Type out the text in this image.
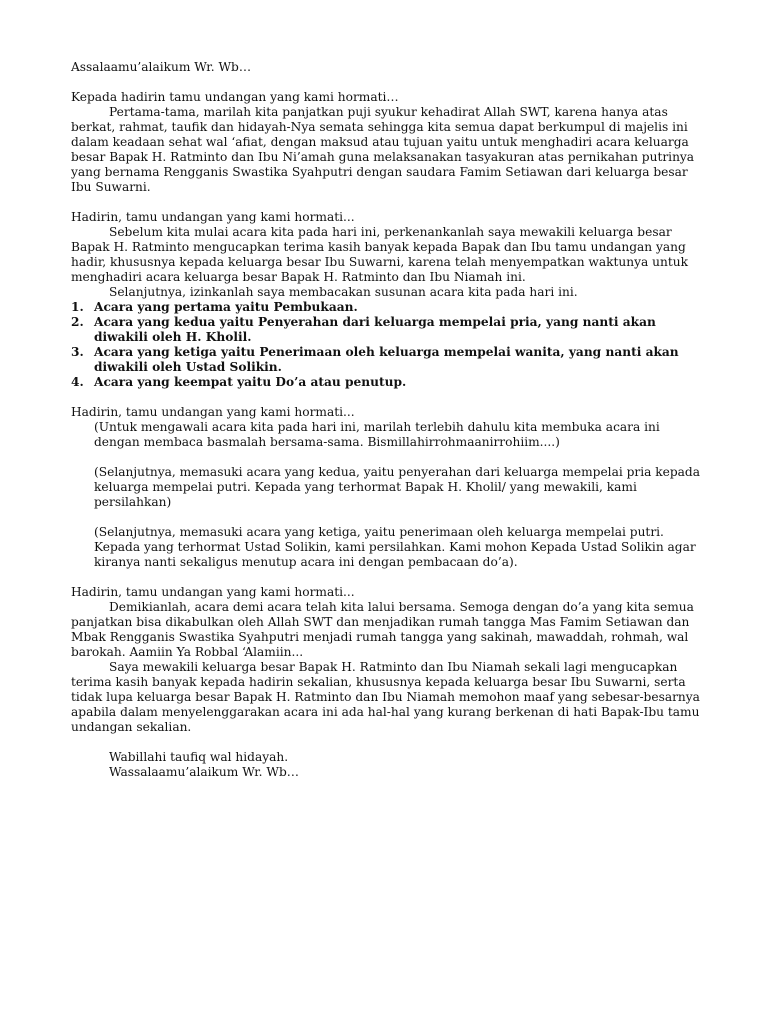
Assalaamu’alaikum Wr. Wb…

Kepada hadirin tamu undangan yang kami hormati…

Pertama-tama, marilah kita panjatkan puji syukur kehadirat Allah SWT, karena hanya atas berkat, rahmat, taufik dan hidayah-Nya semata sehingga kita semua dapat berkumpul di majelis ini dalam keadaan sehat wal ‘afiat, dengan maksud atau tujuan yaitu untuk menghadiri acara keluarga besar Bapak H. Ratminto dan Ibu Ni’amah guna melaksanakan tasyakuran atas pernikahan putrinya yang bernama Rengganis Swastika Syahputri dengan saudara Famim Setiawan dari keluarga besar Ibu Suwarni.

Hadirin, tamu undangan yang kami hormati...

Sebelum kita mulai acara kita pada hari ini, perkenankanlah saya mewakili keluarga besar Bapak H. Ratminto mengucapkan terima kasih banyak kepada Bapak dan Ibu tamu undangan yang hadir, khususnya kepada keluarga besar Ibu Suwarni, karena telah menyempatkan waktunya untuk menghadiri acara keluarga besar Bapak H. Ratminto dan Ibu Niamah ini.

Selanjutnya, izinkanlah saya membacakan susunan acara kita pada hari ini.

1. Acara yang pertama yaitu Pembukaan.
2. Acara yang kedua yaitu Penyerahan dari keluarga mempelai pria, yang nanti akan diwakili oleh H. Kholil.
3. Acara yang ketiga yaitu Penerimaan oleh keluarga mempelai wanita, yang nanti akan diwakili oleh Ustad Solikin.
4. Acara yang keempat yaitu Do’a atau penutup.

Hadirin, tamu undangan yang kami hormati...

(Untuk mengawali acara kita pada hari ini, marilah terlebih dahulu kita membuka acara ini dengan membaca basmalah bersama-sama. Bismillahirrohmaanirrohiim....)

(Selanjutnya, memasuki acara yang kedua, yaitu penyerahan dari keluarga mempelai pria kepada keluarga mempelai putri. Kepada yang terhormat Bapak H. Kholil/ yang mewakili, kami persilahkan)

(Selanjutnya, memasuki acara yang ketiga, yaitu penerimaan oleh keluarga mempelai putri. Kepada yang terhormat Ustad Solikin, kami persilahkan. Kami mohon Kepada Ustad Solikin agar kiranya nanti sekaligus menutup acara ini dengan pembacaan do’a).

Hadirin, tamu undangan yang kami hormati...

Demikianlah, acara demi acara telah kita lalui bersama. Semoga dengan do’a yang kita semua panjatkan bisa dikabulkan oleh Allah SWT dan menjadikan rumah tangga Mas Famim Setiawan dan Mbak Rengganis Swastika Syahputri menjadi rumah tangga yang sakinah, mawaddah, rohmah, wal barokah. Aamiin Ya Robbal ‘Alamiin...

Saya mewakili keluarga besar Bapak H. Ratminto dan Ibu Niamah sekali lagi mengucapkan terima kasih banyak kepada hadirin sekalian, khususnya kepada keluarga besar Ibu Suwarni, serta tidak lupa keluarga besar Bapak H. Ratminto dan Ibu Niamah memohon maaf yang sebesar-besarnya apabila dalam menyelenggarakan acara ini ada hal-hal yang kurang berkenan di hati Bapak-Ibu tamu undangan sekalian.

Wabillahi taufiq wal hidayah.

Wassalaamu’alaikum Wr. Wb…
